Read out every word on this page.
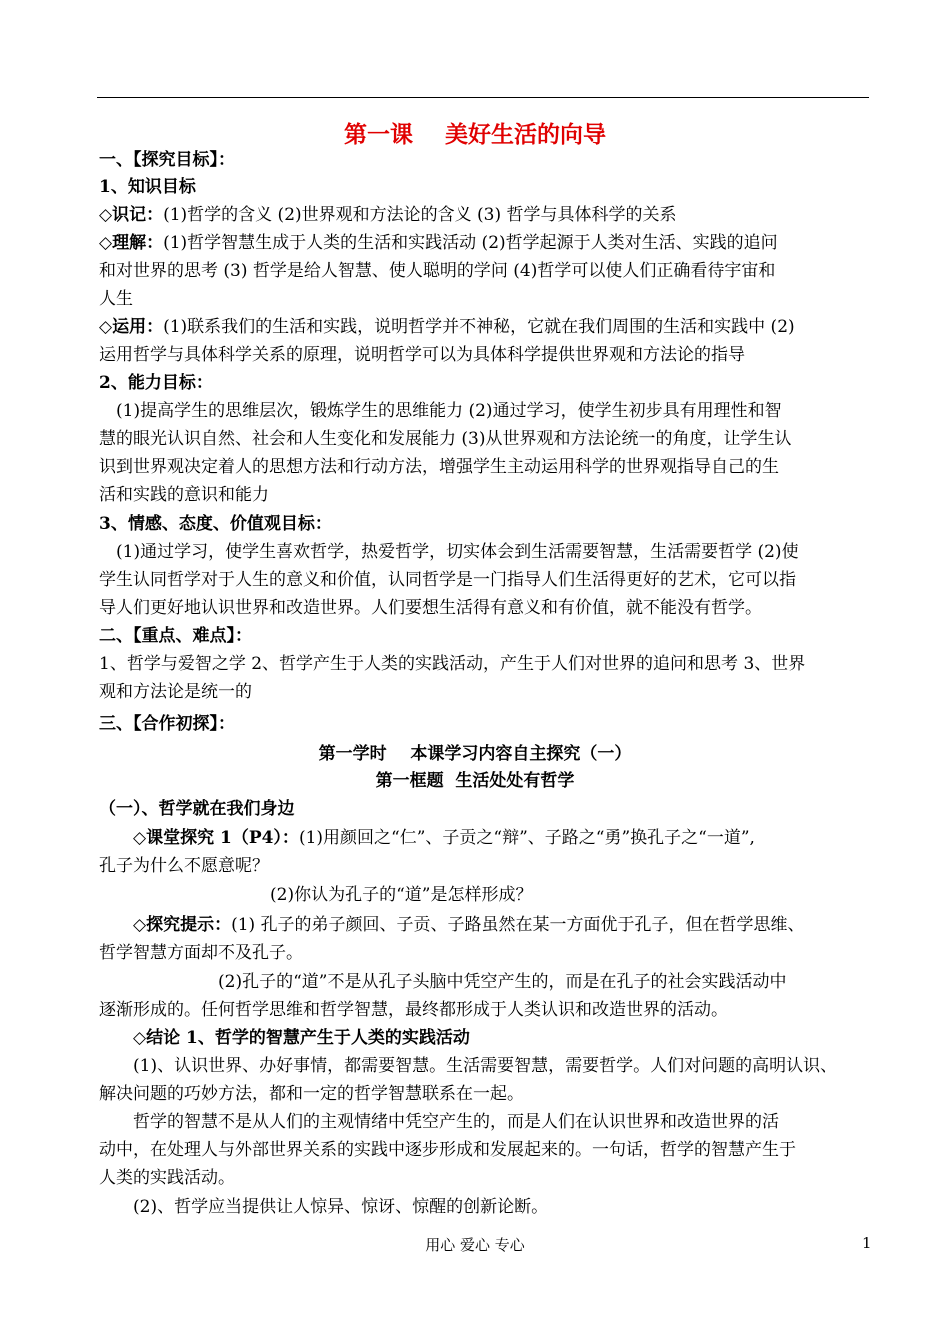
第一课    美好生活的向导
一、【探究目标】：
1、知识目标
◇识记：(1)哲学的含义 (2)世界观和方法论的含义 (3) 哲学与具体科学的关系
◇理解：(1)哲学智慧生成于人类的生活和实践活动 (2)哲学起源于人类对生活、实践的追问
和对世界的思考 (3) 哲学是给人智慧、使人聪明的学问 (4)哲学可以使人们正确看待宇宙和
人生
◇运用：(1)联系我们的生活和实践，说明哲学并不神秘，它就在我们周围的生活和实践中 (2)
运用哲学与具体科学关系的原理，说明哲学可以为具体科学提供世界观和方法论的指导
2、能力目标：
(1)提高学生的思维层次，锻炼学生的思维能力 (2)通过学习，使学生初步具有用理性和智
慧的眼光认识自然、社会和人生变化和发展能力 (3)从世界观和方法论统一的角度，让学生认
识到世界观决定着人的思想方法和行动方法，增强学生主动运用科学的世界观指导自己的生
活和实践的意识和能力
3、情感、态度、价值观目标：
(1)通过学习，使学生喜欢哲学，热爱哲学，切实体会到生活需要智慧，生活需要哲学 (2)使
学生认同哲学对于人生的意义和价值，认同哲学是一门指导人们生活得更好的艺术，它可以指
导人们更好地认识世界和改造世界。人们要想生活得有意义和有价值，就不能没有哲学。
二、【重点、难点】：
1、哲学与爱智之学 2、哲学产生于人类的实践活动，产生于人们对世界的追问和思考 3、世界
观和方法论是统一的
三、【合作初探】：
第一学时    本课学习内容自主探究（一）
第一框题  生活处处有哲学
（一）、哲学就在我们身边
◇课堂探究 1（P4）：(1)用颜回之“仁”、子贡之“辩”、子路之“勇”换孔子之“一道”,
孔子为什么不愿意呢？
(2)你认为孔子的“道”是怎样形成？
◇探究提示：(1) 孔子的弟子颜回、子贡、子路虽然在某一方面优于孔子，但在哲学思维、
哲学智慧方面却不及孔子。
(2)孔子的“道”不是从孔子头脑中凭空产生的，而是在孔子的社会实践活动中
逐渐形成的。任何哲学思维和哲学智慧，最终都形成于人类认识和改造世界的活动。
◇结论 1、哲学的智慧产生于人类的实践活动
(1)、认识世界、办好事情，都需要智慧。生活需要智慧，需要哲学。人们对问题的高明认识、
解决问题的巧妙方法，都和一定的哲学智慧联系在一起。
哲学的智慧不是从人们的主观情绪中凭空产生的，而是人们在认识世界和改造世界的活
动中，在处理人与外部世界关系的实践中逐步形成和发展起来的。一句话，哲学的智慧产生于
人类的实践活动。
(2)、哲学应当提供让人惊异、惊讶、惊醒的创新论断。
用心 爱心 专心	1
